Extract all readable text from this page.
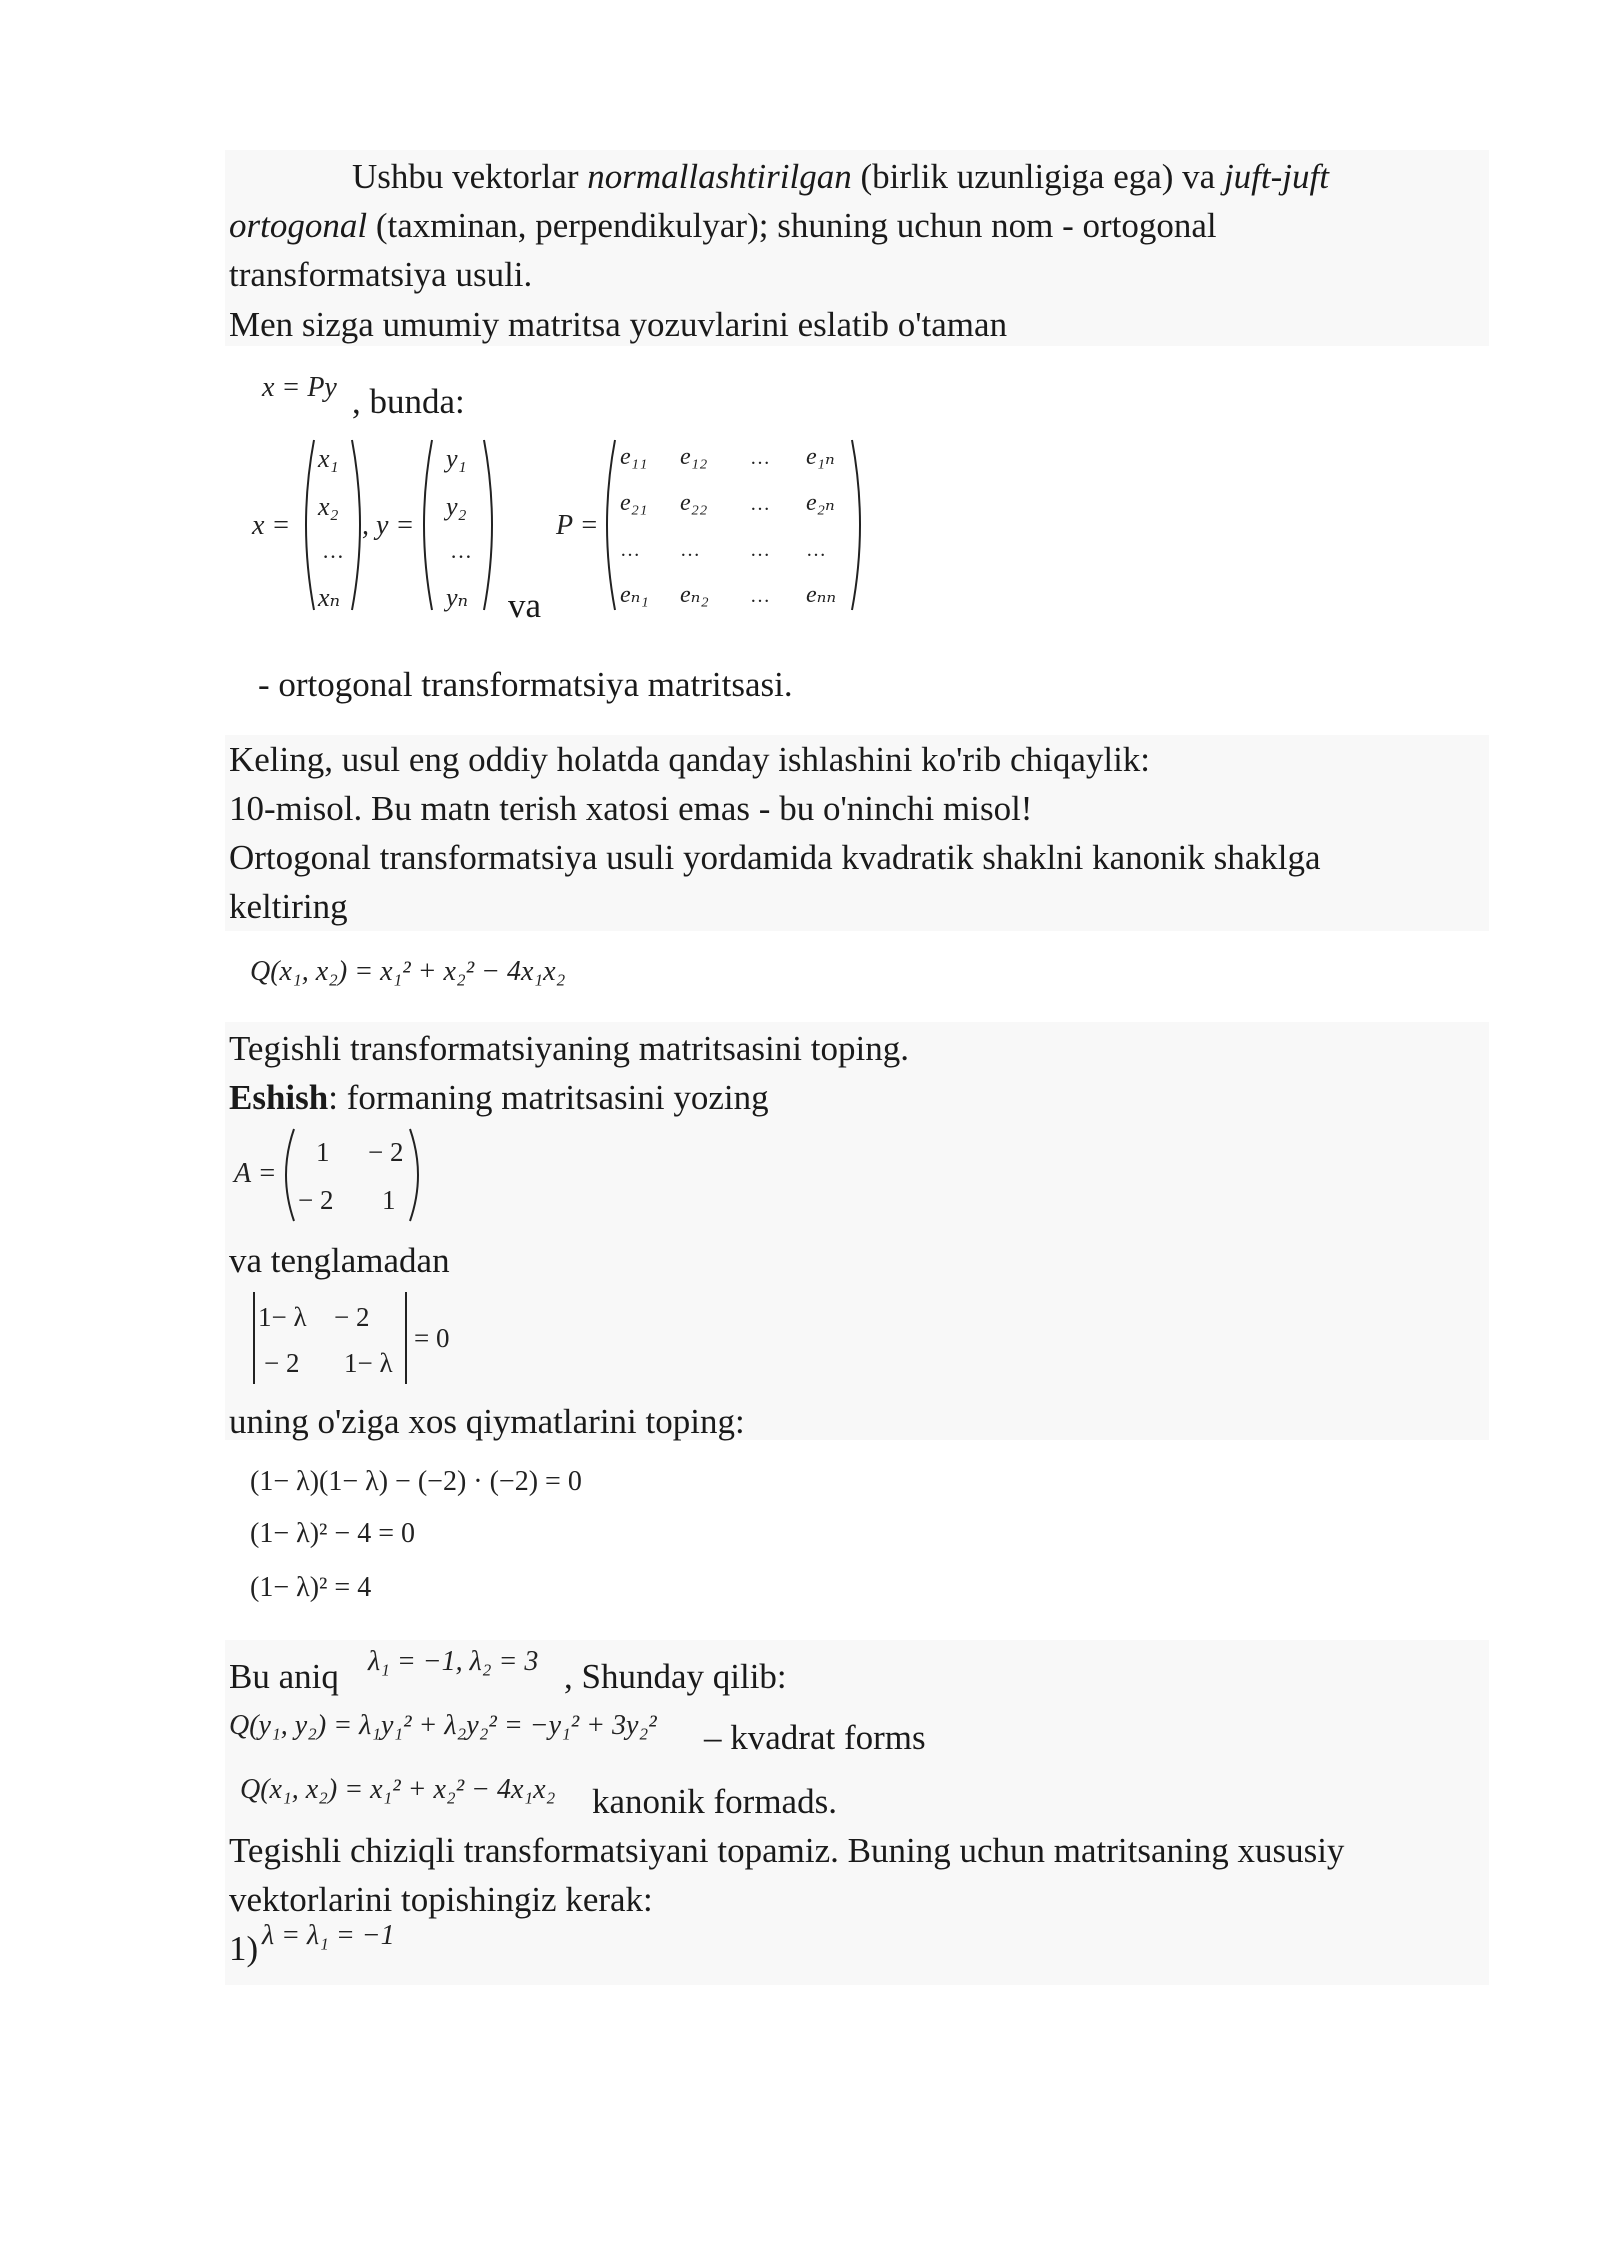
Ushbu vektorlar normallashtirilgan (birlik uzunligiga ega) va juft-juft
ortogonal (taxminan, perpendikulyar); shuning uchun nom - ortogonal
transformatsiya usuli.
Men sizga umumiy matritsa yozuvlarini eslatib o'taman
x = Py , bunda:
x =
x₁
x₂
…
xₙ
, y =
y₁
y₂
…
yₙ va
P =
e₁₁ e₁₂ … e₁ₙ
e₂₁ e₂₂ … e₂ₙ
… …	… …
eₙ₁ eₙ₂ … eₙₙ
- ortogonal transformatsiya matritsasi.
Keling, usul eng oddiy holatda qanday ishlashini ko'rib chiqaylik:
10-misol. Bu matn terish xatosi emas - bu o'ninchi misol!
Ortogonal transformatsiya usuli yordamida kvadratik shaklni kanonik shaklga
keltiring
Q(x₁, x₂) = x₁² + x₂² − 4x₁x₂
Tegishli transformatsiyaning matritsasini toping.
Eshish: formaning matritsasini yozing
A =
1 − 2
− 2 1
va tenglamadan
1− λ − 2
− 2 1− λ
= 0
uning o'ziga xos qiymatlarini toping:
(1− λ)(1− λ) − (−2) · (−2) = 0
(1− λ)² − 4 = 0
(1− λ)² = 4
Bu aniq λ₁ = −1, λ₂ = 3 , Shunday qilib:
Q(y₁, y₂) = λ₁y₁² + λ₂y₂² = −y₁² + 3y₂² – kvadrat forms
Q(x₁, x₂) = x₁² + x₂² − 4x₁x₂ kanonik formads.
Tegishli chiziqli transformatsiyani topamiz. Buning uchun matritsaning xususiy
vektorlarini topishingiz kerak:
1) λ = λ₁ = −1
